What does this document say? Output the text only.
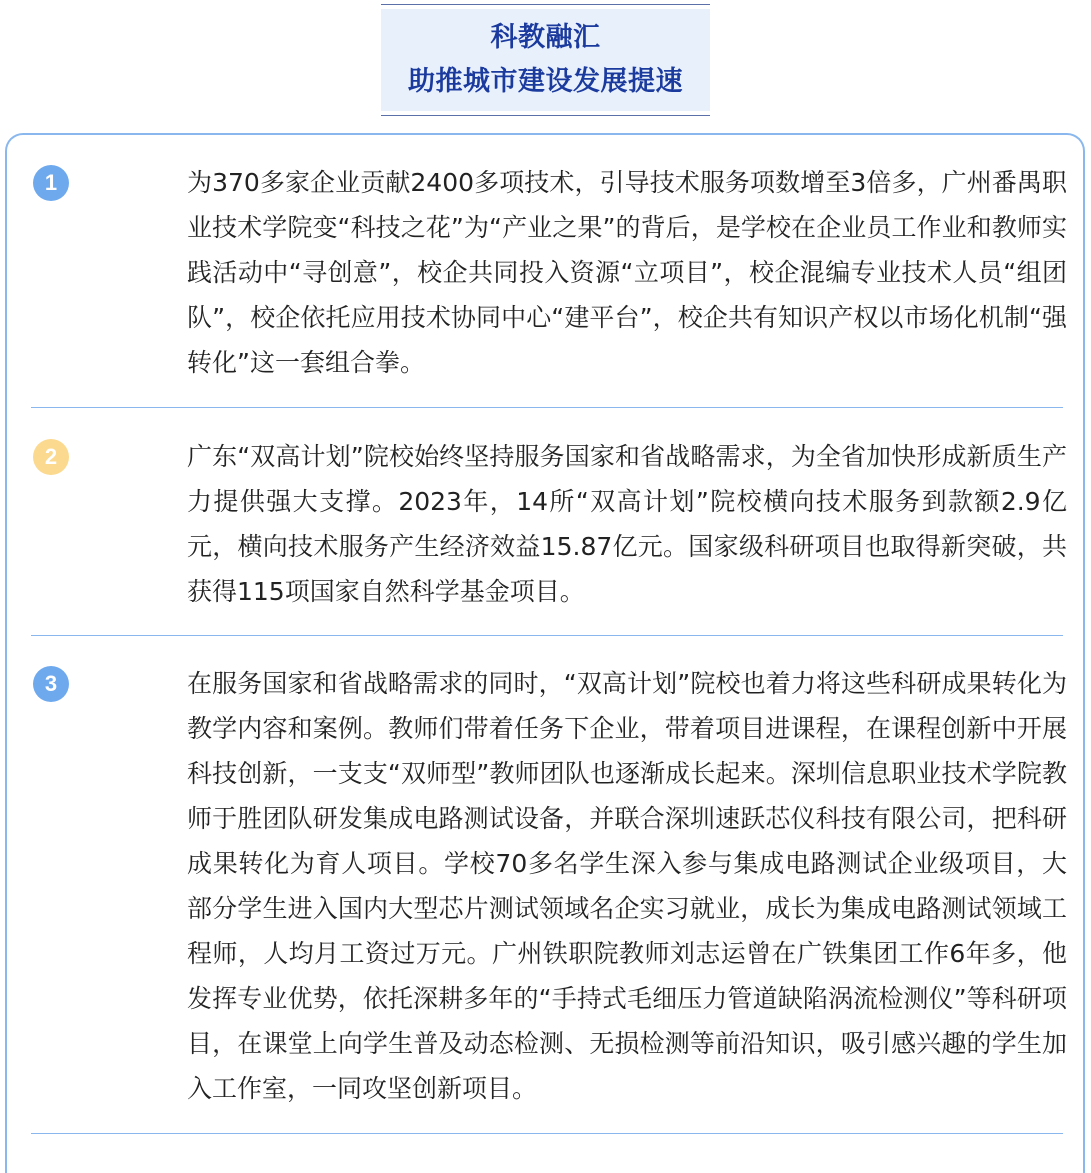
科教融汇
助推城市建设发展提速
1	为370多家企业贡献2400多项技术，引导技术服务项数增至3倍多，广州番禺职业技术学院变“科技之花”为“产业之果”的背后，是学校在企业员工作业和教师实践活动中“寻创意”，校企共同投入资源“立项目”，校企混编专业技术人员“组团队”，校企依托应用技术协同中心“建平台”，校企共有知识产权以市场化机制“强转化”这一套组合拳。

2	广东“双高计划”院校始终坚持服务国家和省战略需求，为全省加快形成新质生产力提供强大支撑。2023年，14所“双高计划”院校横向技术服务到款额2.9亿元，横向技术服务产生经济效益15.87亿元。国家级科研项目也取得新突破，共获得115项国家自然科学基金项目。

3	在服务国家和省战略需求的同时，“双高计划”院校也着力将这些科研成果转化为教学内容和案例。教师们带着任务下企业，带着项目进课程，在课程创新中开展科技创新，一支支“双师型”教师团队也逐渐成长起来。深圳信息职业技术学院教师于胜团队研发集成电路测试设备，并联合深圳速跃芯仪科技有限公司，把科研成果转化为育人项目。学校70多名学生深入参与集成电路测试企业级项目，大部分学生进入国内大型芯片测试领域名企实习就业，成长为集成电路测试领域工程师，人均月工资过万元。广州铁职院教师刘志运曾在广铁集团工作6年多，他发挥专业优势，依托深耕多年的“手持式毛细压力管道缺陷涡流检测仪”等科研项目，在课堂上向学生普及动态检测、无损检测等前沿知识，吸引感兴趣的学生加入工作室，一同攻坚创新项目。
